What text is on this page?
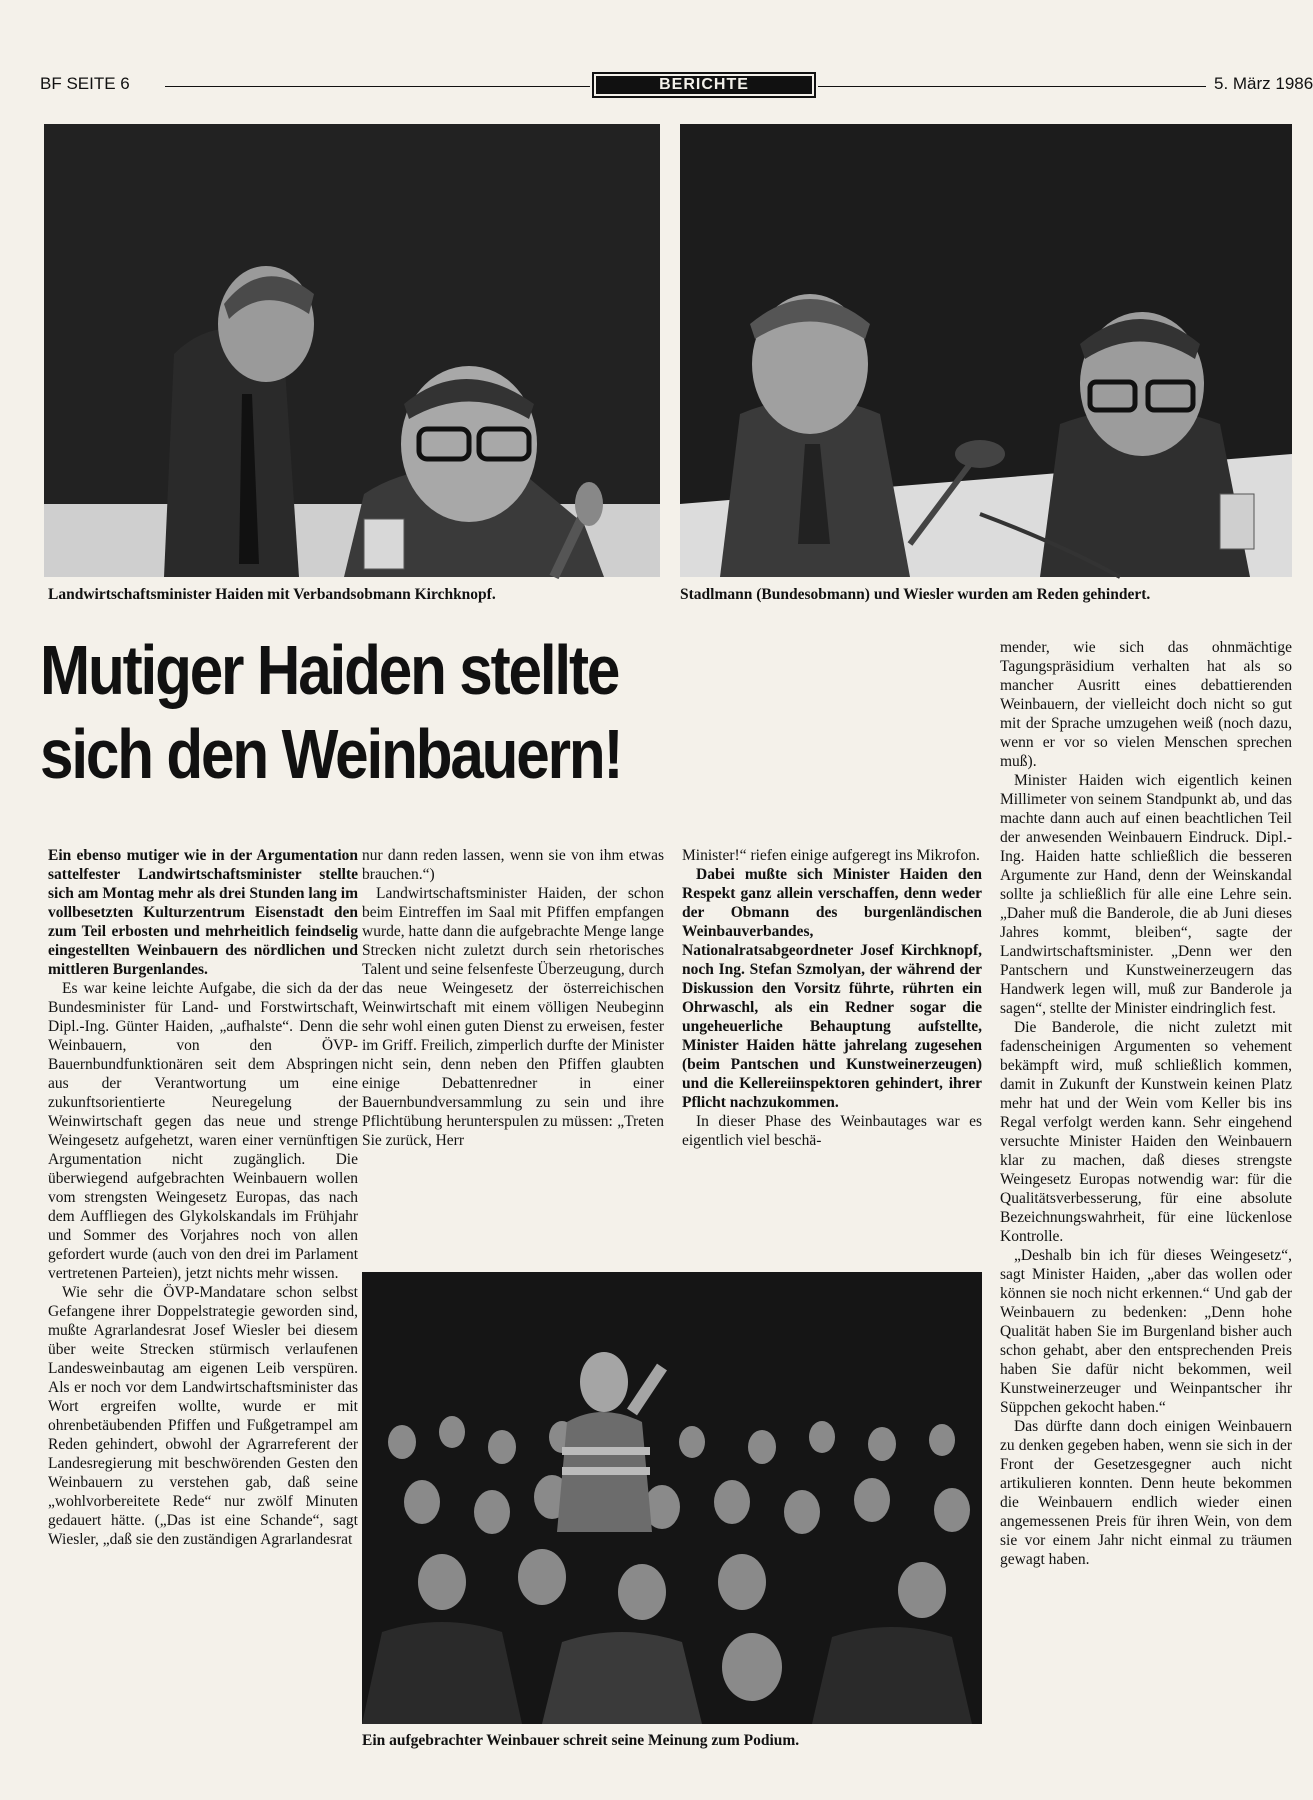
BF SEITE 6	BERICHTE	5. März 1986
Landwirtschaftsminister Haiden mit Verbandsobmann Kirchknopf.	Stadlmann (Bundesobmann) und Wiesler wurden am Reden gehindert.
Mutiger Haiden stellte
sich den Weinbauern!

Ein ebenso mutiger wie in der Argumentation sattelfester Landwirtschaftsminister stellte sich am Montag mehr als drei Stunden lang im vollbesetzten Kulturzentrum Eisenstadt den zum Teil erbosten und mehrheitlich feindselig eingestellten Weinbauern des nördlichen und mittleren Burgenlandes.

Es war keine leichte Aufgabe, die sich da der Bundesminister für Land- und Forstwirtschaft, Dipl.-Ing. Günter Haiden, „aufhalste“. Denn die Weinbauern, von den ÖVP-Bauernbundfunktionären seit dem Abspringen aus der Verantwortung um eine zukunftsorientierte Neuregelung der Weinwirtschaft gegen das neue und strenge Weingesetz aufgehetzt, waren einer vernünftigen Argumentation nicht zugänglich. Die überwiegend aufgebrachten Weinbauern wollen vom strengsten Weingesetz Europas, das nach dem Auffliegen des Glykolskandals im Frühjahr und Sommer des Vorjahres noch von allen gefordert wurde (auch von den drei im Parlament vertretenen Parteien), jetzt nichts mehr wissen.

Wie sehr die ÖVP-Mandatare schon selbst Gefangene ihrer Doppelstrategie geworden sind, mußte Agrarlandesrat Josef Wiesler bei diesem über weite Strecken stürmisch verlaufenen Landesweinbautag am eigenen Leib verspüren. Als er noch vor dem Landwirtschaftsminister das Wort ergreifen wollte, wurde er mit ohrenbetäubenden Pfiffen und Fußgetrampel am Reden gehindert, obwohl der Agrarreferent der Landesregierung mit beschwörenden Gesten den Weinbauern zu verstehen gab, daß seine „wohlvorbereitete Rede“ nur zwölf Minuten gedauert hätte. („Das ist eine Schande“, sagt Wiesler, „daß sie den zuständigen Agrarlandesrat

nur dann reden lassen, wenn sie von ihm etwas brauchen.“)

Landwirtschaftsminister Haiden, der schon beim Eintreffen im Saal mit Pfiffen empfangen wurde, hatte dann die aufgebrachte Menge lange Strecken nicht zuletzt durch sein rhetorisches Talent und seine felsenfeste Überzeugung, durch das neue Weingesetz der österreichischen Weinwirtschaft mit einem völligen Neubeginn sehr wohl einen guten Dienst zu erweisen, fester im Griff. Freilich, zimperlich durfte der Minister nicht sein, denn neben den Pfiffen glaubten einige Debattenredner in einer Bauernbundversammlung zu sein und ihre Pflichtübung herunterspulen zu müssen: „Treten Sie zurück, Herr

Minister!“ riefen einige aufgeregt ins Mikrofon.

Dabei mußte sich Minister Haiden den Respekt ganz allein verschaffen, denn weder der Obmann des burgenländischen Weinbauverbandes, Nationalratsabgeordneter Josef Kirchknopf, noch Ing. Stefan Szmolyan, der während der Diskussion den Vorsitz führte, rührten ein Ohrwaschl, als ein Redner sogar die ungeheuerliche Behauptung aufstellte, Minister Haiden hätte jahrelang zugesehen (beim Pantschen und Kunstweinerzeugen) und die Kellereiinspektoren gehindert, ihrer Pflicht nachzukommen.

In dieser Phase des Weinbautages war es eigentlich viel beschä-

Ein aufgebrachter Weinbauer schreit seine Meinung zum Podium.

mender, wie sich das ohnmächtige Tagungspräsidium verhalten hat als so mancher Ausritt eines debattierenden Weinbauern, der vielleicht doch nicht so gut mit der Sprache umzugehen weiß (noch dazu, wenn er vor so vielen Menschen sprechen muß).

Minister Haiden wich eigentlich keinen Millimeter von seinem Standpunkt ab, und das machte dann auch auf einen beachtlichen Teil der anwesenden Weinbauern Eindruck. Dipl.-Ing. Haiden hatte schließlich die besseren Argumente zur Hand, denn der Weinskandal sollte ja schließlich für alle eine Lehre sein. „Daher muß die Banderole, die ab Juni dieses Jahres kommt, bleiben“, sagte der Landwirtschaftsminister. „Denn wer den Pantschern und Kunstweinerzeugern das Handwerk legen will, muß zur Banderole ja sagen“, stellte der Minister eindringlich fest.

Die Banderole, die nicht zuletzt mit fadenscheinigen Argumenten so vehement bekämpft wird, muß schließlich kommen, damit in Zukunft der Kunstwein keinen Platz mehr hat und der Wein vom Keller bis ins Regal verfolgt werden kann. Sehr eingehend versuchte Minister Haiden den Weinbauern klar zu machen, daß dieses strengste Weingesetz Europas notwendig war: für die Qualitätsverbesserung, für eine absolute Bezeichnungswahrheit, für eine lückenlose Kontrolle.

„Deshalb bin ich für dieses Weingesetz“, sagt Minister Haiden, „aber das wollen oder können sie noch nicht erkennen.“ Und gab der Weinbauern zu bedenken: „Denn hohe Qualität haben Sie im Burgenland bisher auch schon gehabt, aber den entsprechenden Preis haben Sie dafür nicht bekommen, weil Kunstweinerzeuger und Weinpantscher ihr Süppchen gekocht haben.“

Das dürfte dann doch einigen Weinbauern zu denken gegeben haben, wenn sie sich in der Front der Gesetzesgegner auch nicht artikulieren konnten. Denn heute bekommen die Weinbauern endlich wieder einen angemessenen Preis für ihren Wein, von dem sie vor einem Jahr nicht einmal zu träumen gewagt haben.
